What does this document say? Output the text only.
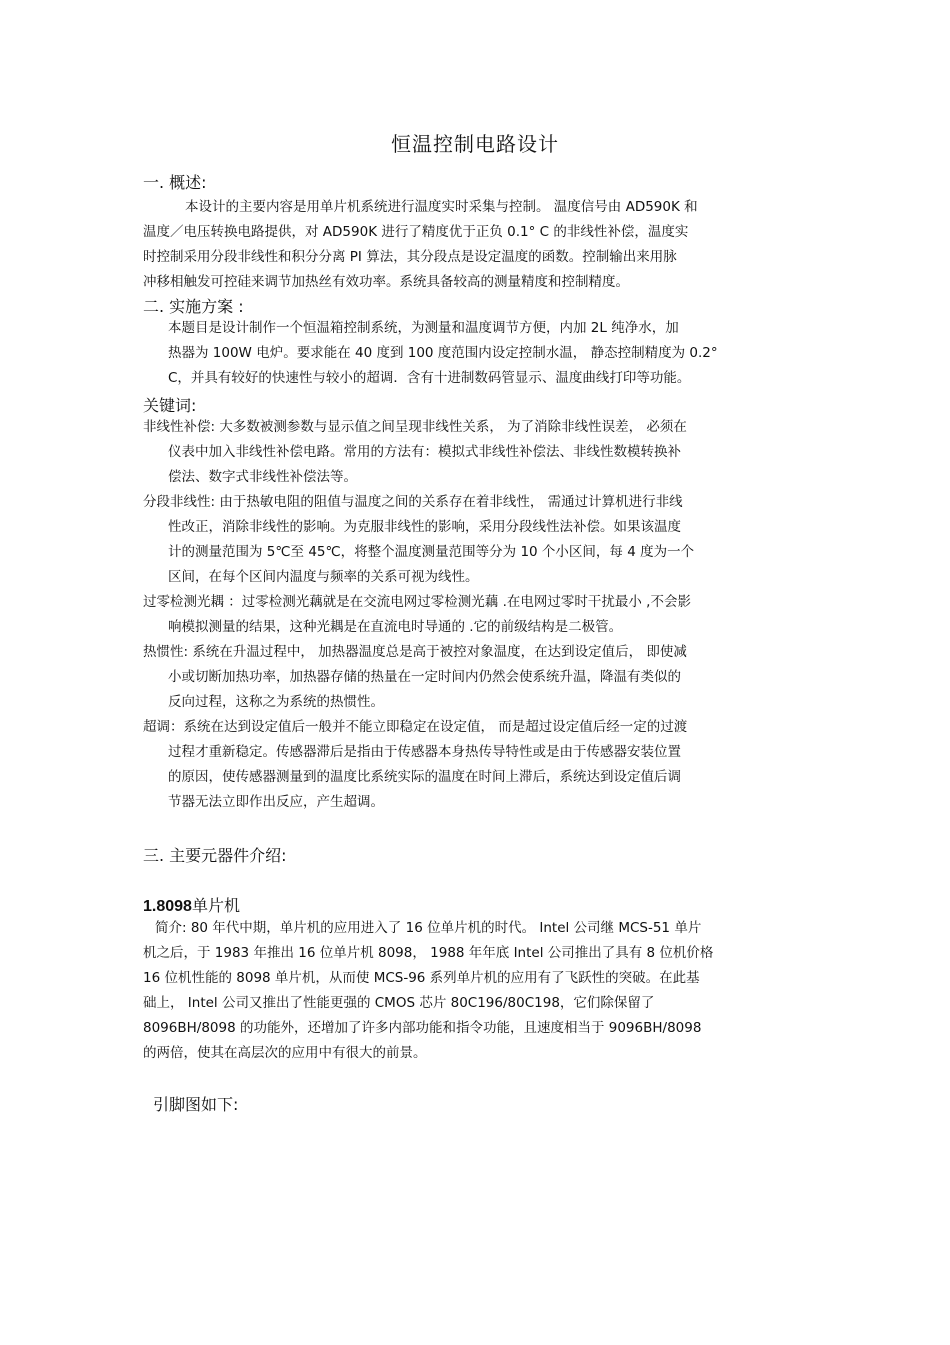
恒温控制电路设计
一. 概述:
本设计的主要内容是用单片机系统进行温度实时采集与控制。 温度信号由 AD590K 和
温度／电压转换电路提供，对 AD590K 进行了精度优于正负 0.1° C 的非线性补偿，温度实
时控制采用分段非线性和积分分离 PI 算法，其分段点是设定温度的函数。控制输出来用脉
冲移相触发可控硅来调节加热丝有效功率。系统具备较高的测量精度和控制精度。
二. 实施方案 :
本题目是设计制作一个恒温箱控制系统，为测量和温度调节方便，内加 2L 纯净水，加
热器为 100W 电炉。要求能在 40 度到 100 度范围内设定控制水温， 静态控制精度为 0.2°
C，并具有较好的快速性与较小的超调．含有十进制数码管显示、温度曲线打印等功能。
关键词:
非线性补偿: 大多数被测参数与显示值之间呈现非线性关系， 为了消除非线性误差， 必须在
仪表中加入非线性补偿电路。常用的方法有：模拟式非线性补偿法、非线性数模转换补
偿法、数字式非线性补偿法等。
分段非线性: 由于热敏电阻的阻值与温度之间的关系存在着非线性， 需通过计算机进行非线
性改正，消除非线性的影响。为克服非线性的影响，采用分段线性法补偿。如果该温度
计的测量范围为 5℃至 45℃，将整个温度测量范围等分为 10 个小区间，每 4 度为一个
区间，在每个区间内温度与频率的关系可视为线性。
过零检测光耦 ：过零检测光藕就是在交流电网过零检测光藕 .在电网过零时干扰最小 ,不会影
响模拟测量的结果，这种光耦是在直流电时导通的 .它的前级结构是二极管。
热惯性: 系统在升温过程中， 加热器温度总是高于被控对象温度，在达到设定值后， 即使减
小或切断加热功率，加热器存储的热量在一定时间内仍然会使系统升温，降温有类似的
反向过程，这称之为系统的热惯性。
超调：系统在达到设定值后一般并不能立即稳定在设定值， 而是超过设定值后经一定的过渡
过程才重新稳定。传感器滞后是指由于传感器本身热传导特性或是由于传感器安装位置
的原因，使传感器测量到的温度比系统实际的温度在时间上滞后，系统达到设定值后调
节器无法立即作出反应，产生超调。
三. 主要元器件介绍:
1.8098单片机
简介: 80 年代中期，单片机的应用进入了 16 位单片机的时代。 Intel 公司继 MCS-51 单片
机之后，于 1983 年推出 16 位单片机 8098， 1988 年年底 Intel 公司推出了具有 8 位机价格
16 位机性能的 8098 单片机，从而使 MCS-96 系列单片机的应用有了飞跃性的突破。在此基
础上， Intel 公司又推出了性能更强的 CMOS 芯片 80C196/80C198，它们除保留了
8096BH/8098 的功能外，还增加了许多内部功能和指令功能，且速度相当于 9096BH/8098
的两倍，使其在高层次的应用中有很大的前景。
引脚图如下:
